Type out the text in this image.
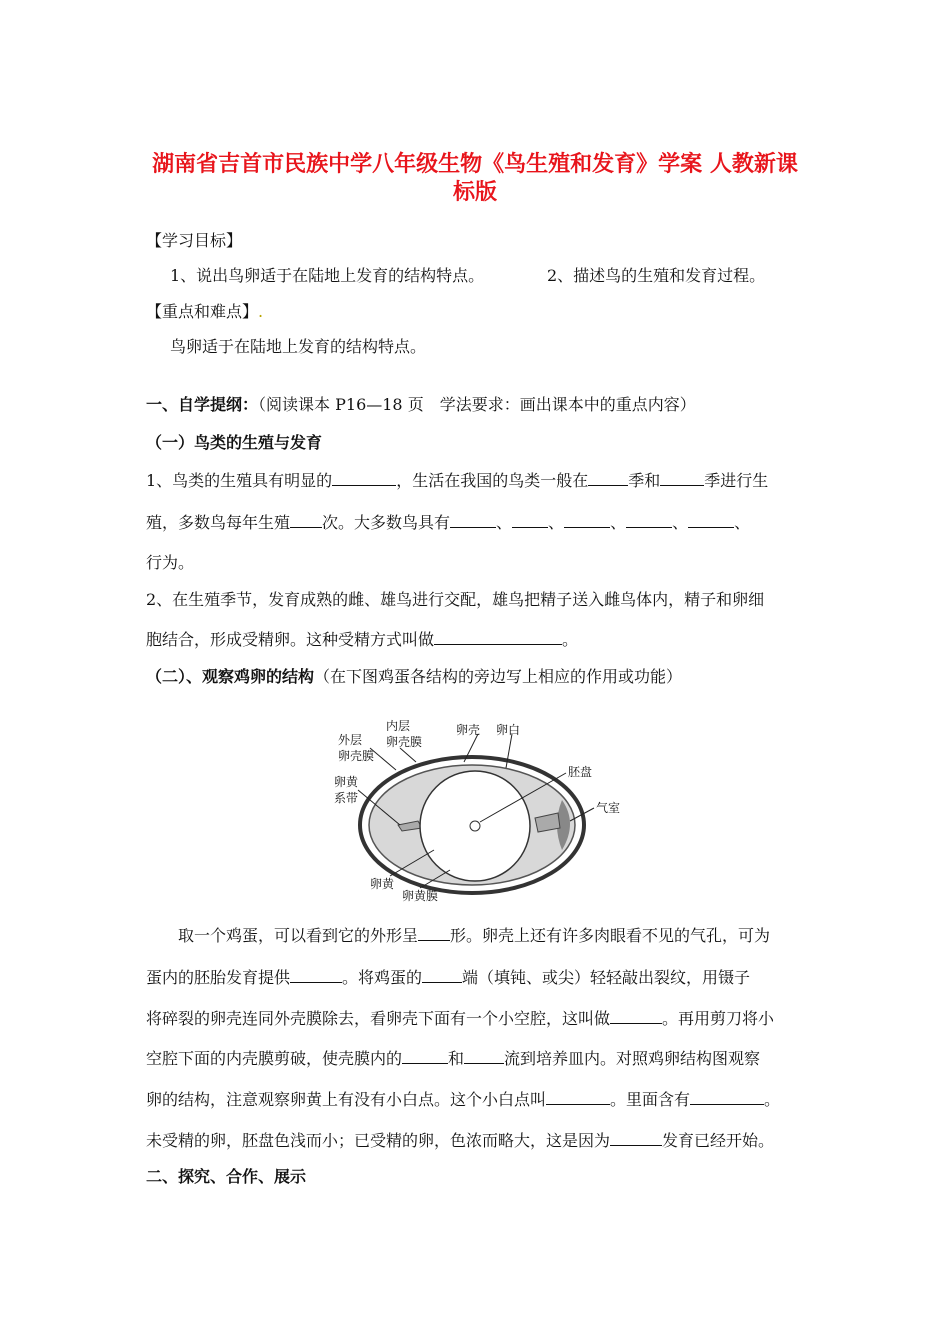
湖南省吉首市民族中学八年级生物《鸟生殖和发育》学案 人教新课
标版
【学习目标】
1、说出鸟卵适于在陆地上发育的结构特点。	2、描述鸟的生殖和发育过程。
【重点和难点】.
鸟卵适于在陆地上发育的结构特点。
一、自学提纲：（阅读课本 P16—18 页　学法要求：画出课本中的重点内容）
（一）鸟类的生殖与发育
1、鸟类的生殖具有明显的	，生活在我国的鸟类一般在	季和	季进行生
殖，多数鸟每年生殖 次。大多数鸟具有	、 、	、	、	、
行为。
2、在生殖季节，发育成熟的雌、雄鸟进行交配，雄鸟把精子送入雌鸟体内，精子和卵细
胞结合，形成受精卵。这种受精方式叫做	。
（二）、观察鸡卵的结构（在下图鸡蛋各结构的旁边写上相应的作用或功能）
外层
卵壳膜
内层
卵壳膜
卵壳 卵白
胚盘
卵黄
系带
气室
卵黄
卵黄膜
取一个鸡蛋，可以看到它的外形呈 形。卵壳上还有许多肉眼看不见的气孔，可为
蛋内的胚胎发育提供	。将鸡蛋的	端（填钝、或尖）轻轻敲出裂纹，用镊子
将碎裂的卵壳连同外壳膜除去，看卵壳下面有一个小空腔，这叫做	。再用剪刀将小
空腔下面的内壳膜剪破，使壳膜内的	和	流到培养皿内。对照鸡卵结构图观察
卵的结构，注意观察卵黄上有没有小白点。这个小白点叫	。里面含有	。
未受精的卵，胚盘色浅而小；已受精的卵，色浓而略大，这是因为	发育已经开始。
二、探究、合作、展示
